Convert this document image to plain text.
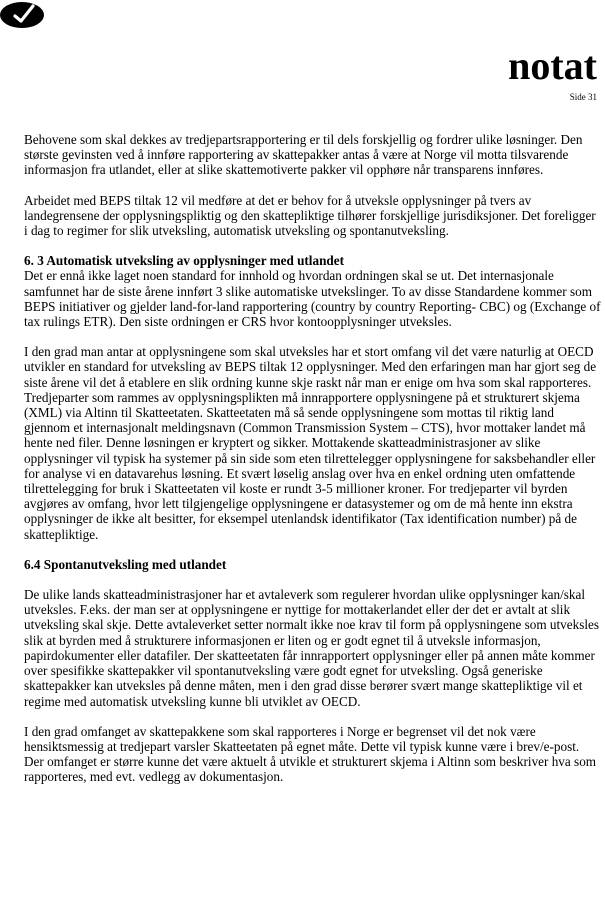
notat
Side 31

Behovene som skal dekkes av tredjepartsrapportering er til dels forskjellig og fordrer ulike løsninger. Den største gevinsten ved å innføre rapportering av skattepakker antas å være at Norge vil motta tilsvarende informasjon fra utlandet, eller at slike skattemotiverte pakker vil opphøre når transparens innføres.

Arbeidet med BEPS tiltak 12 vil medføre at det er behov for å utveksle opplysninger på tvers av landegrensene der opplysningspliktig og den skattepliktige tilhører forskjellige jurisdiksjoner. Det foreligger i dag to regimer for slik utveksling, automatisk utveksling og spontanutveksling.

6. 3 Automatisk utveksling av opplysninger med utlandet

Det er ennå ikke laget noen standard for innhold og hvordan ordningen skal se ut. Det internasjonale samfunnet har de siste årene innført 3 slike automatiske utvekslinger. To av disse Standardene kommer som BEPS initiativer og gjelder land-for-land rapportering (country by country Reporting- CBC) og (Exchange of tax rulings ETR). Den siste ordningen er CRS hvor kontoopplysninger utveksles.

I den grad man antar at opplysningene som skal utveksles har et stort omfang vil det være naturlig at OECD utvikler en standard for utveksling av BEPS tiltak 12 opplysninger. Med den erfaringen man har gjort seg de siste årene vil det å etablere en slik ordning kunne skje raskt når man er enige om hva som skal rapporteres. Tredjeparter som rammes av opplysningsplikten må innrapportere opplysningene på et strukturert skjema (XML) via Altinn til Skatteetaten. Skatteetaten må så sende opplysningene som mottas til riktig land gjennom et internasjonalt meldingsnavn (Common Transmission System – CTS), hvor mottaker landet må hente ned filer. Denne løsningen er kryptert og sikker. Mottakende skatteadministrasjoner av slike opplysninger vil typisk ha systemer på sin side som eten tilrettelegger opplysningene for saksbehandler eller for analyse vi en datavarehus løsning. Et svært løselig anslag over hva en enkel ordning uten omfattende tilrettelegging for bruk i Skatteetaten vil koste er rundt 3-5 millioner kroner. For tredjeparter vil byrden avgjøres av omfang, hvor lett tilgjengelige opplysningene er datasystemer og om de må hente inn ekstra opplysninger de ikke alt besitter, for eksempel utenlandsk identifikator (Tax identification number) på de skattepliktige.

6.4 Spontanutveksling med utlandet

De ulike lands skatteadministrasjoner har et avtaleverk som regulerer hvordan ulike opplysninger kan/skal utveksles. F.eks. der man ser at opplysningene er nyttige for mottakerlandet eller der det er avtalt at slik utveksling skal skje. Dette avtaleverket setter normalt ikke noe krav til form på opplysningene som utveksles slik at byrden med å strukturere informasjonen er liten og er godt egnet til å utveksle informasjon, papirdokumenter eller datafiler. Der skatteetaten får innrapportert opplysninger eller på annen måte kommer over spesifikke skattepakker vil spontanutveksling være godt egnet for utveksling. Også generiske skattepakker kan utveksles på denne måten, men i den grad disse berører svært mange skattepliktige vil et regime med automatisk utveksling kunne bli utviklet av OECD.

I den grad omfanget av skattepakkene som skal rapporteres i Norge er begrenset vil det nok være hensiktsmessig at tredjepart varsler Skatteetaten på egnet måte. Dette vil typisk kunne være i brev/e-post. Der omfanget er større kunne det være aktuelt å utvikle et strukturert skjema i Altinn som beskriver hva som rapporteres, med evt. vedlegg av dokumentasjon.
